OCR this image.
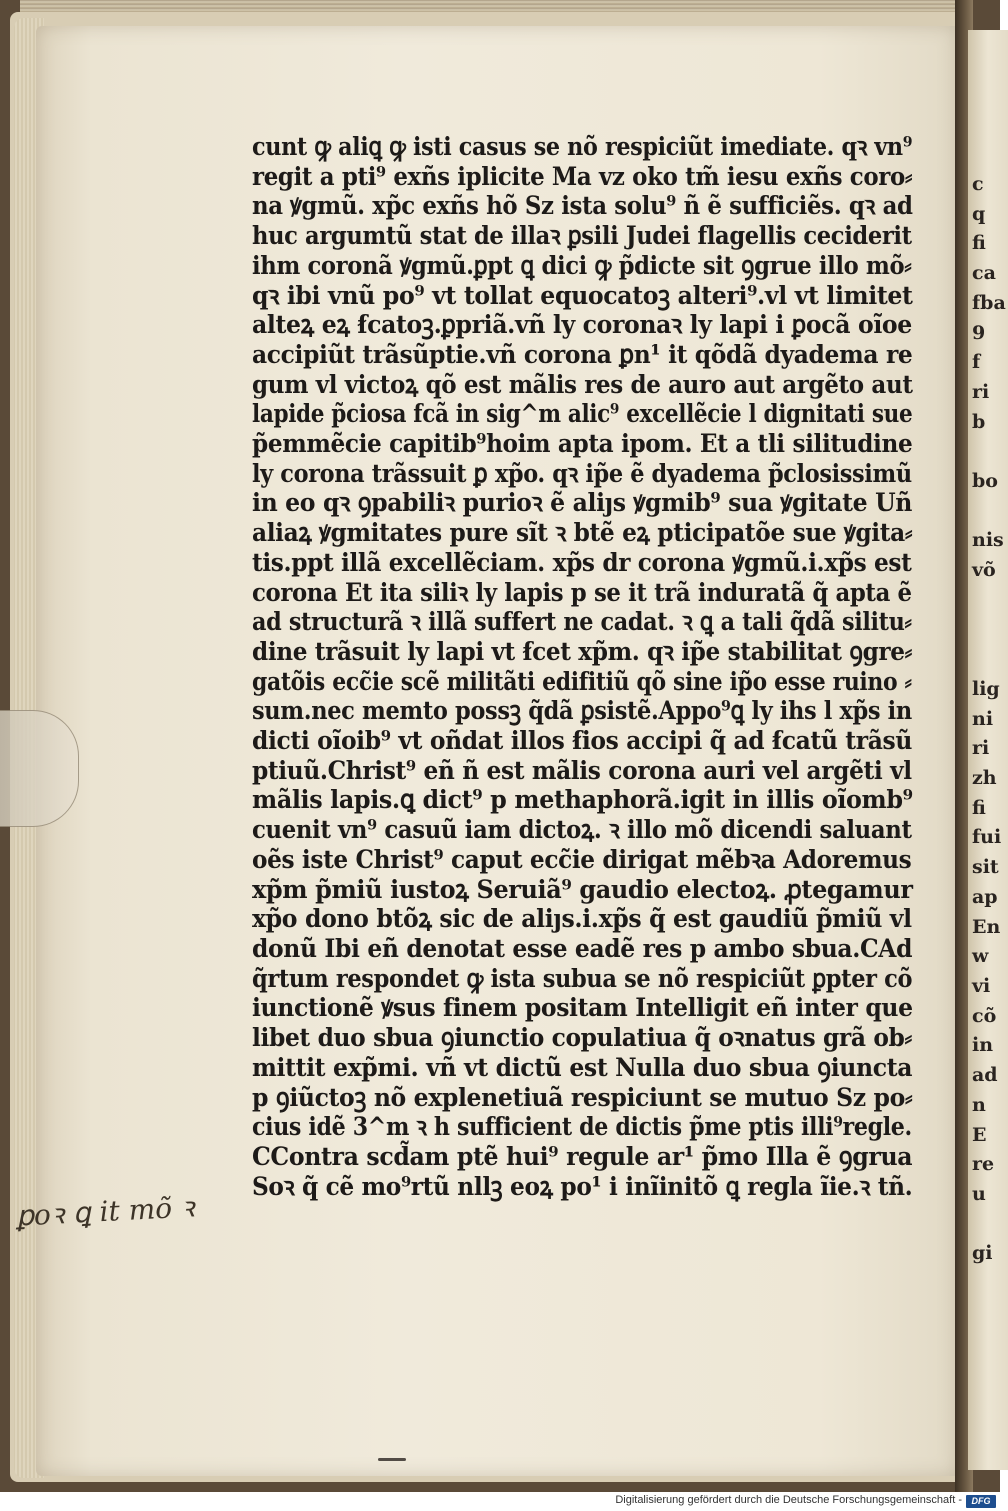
c
q
fi
ca
fba
9
f
ri
b

bo

nis
võ

lig
ni
ri
zh
fi
fui
sit
ap
En
w
vi
cõ
in
ad
n
E
re
u

gi
cunt ꝙ aliꝗ ꝙ isti casus se nõ respiciũt imediate. qꝛ vn⁹
regit a pti⁹ exñs iplicite Ma vz oko tm̃ iesu exñs coro⸗
na ꝟgmũ. xp̃c exñs hõ Sz ista solu⁹ ñ ẽ sufficiẽs. qꝛ ad
huc argumtũ stat de illaꝛ ꝑsili Judei flagellis ceciderit
ihm coronã ꝟgmũ.ꝑpt ꝗ dici ꝙ p̃dicte sit ꝯgrue illo mõ⸗
qꝛ ibi vnũ po⁹ vt tollat equocatoꝫ alteri⁹.vl vt limitet
alteꝝ eꝝ ẜcatoꝫ.ꝑpriã.vñ ly coronaꝛ ly lapi i ꝑocã oĩoe
accipiũt trãsũptie.vñ corona ꝑn¹ it qõdã dyadema re
gum vl victoꝝ qõ est mãlis res de auro aut argẽto aut
lapide p̃ciosa fcã in sig^m alic⁹ excellẽcie l dignitati sue
p̃emmẽcie capitib⁹hoim apta ipom. Et a tli silitudine
ly corona trãssuit ꝑ xp̃o. qꝛ ip̃e ẽ dyadema p̃closissimũ
in eo qꝛ ꝯpabiliꝛ purioꝛ ẽ aliȷs ꝟgmib⁹ sua ꝟgitate Uñ
aliaꝝ ꝟgmitates pure sĩt ꝛ btẽ eꝝ pticipatõe sue ꝟgita⸗
tis.ppt illã excellẽciam. xp̃s dr corona ꝟgmũ.i.xp̃s est
corona Et ita siliꝛ ly lapis p se it trã induratã q̃ apta ẽ
ad structurã ꝛ illã suffert ne cadat. ꝛ ꝗ a tali q̃dã silitu⸗
dine trãsuit ly lapi vt ẜcet xp̃m. qꝛ ip̃e stabilitat ꝯgre⸗
gatõis ecc̃ie scẽ militãti edifitiũ qõ sine ip̃o esse ruino ⸗
sum.nec memto possꝫ q̃dã ꝑsistẽ.Appo⁹ꝗ ly ihs l xp̃s in
dicti oĩoib⁹ vt oñdat illos ẜios accipi q̃ ad ẜcatũ trãsũ
ptiuũ.Christ⁹ eñ ñ est mãlis corona auri vel argẽti vl
mãlis lapis.ꝗ dict⁹ p methaphorã.igit in illis oĩomb⁹
cuenit vn⁹ casuũ iam dictoꝝ. ꝛ illo mõ dicendi saluant
oẽs iste Christ⁹ caput ecc̃ie dirigat mẽbꝛa Adoremus
xp̃m p̃miũ iustoꝝ Seruiã⁹ gaudio electoꝝ. ꝓtegamur
xp̃o dono btõꝝ sic de aliȷs.i.xp̃s q̃ est gaudiũ p̃miũ vl
donũ Ibi eñ denotat esse eadẽ res p ambo sbua.CAd
q̃rtum respondet ꝙ ista subua se nõ respiciũt ꝑpter cõ
iunctionẽ ꝟsus finem positam Intelligit eñ inter que
libet duo sbua ꝯiunctio copulatiua q̃ oꝛnatus grã ob⸗
mittit exp̃mi. vñ vt dictũ est Nulla duo sbua ꝯiuncta
p ꝯiũctoꝫ nõ explenetiuã respiciunt se mutuo Sz po⸗
cius idẽ 3^m ꝛ h sufficient de dictis p̃me ptis illi⁹regle.
CContra scd̃am ptẽ hui⁹ regule ar¹ p̃mo Illa ẽ ꝯgrua
Soꝛ q̃ cẽ mo⁹rtũ nllꝫ eoꝝ po¹ i inĩinitõ ꝗ regla ĩie.ꝛ tñ.
ꝑoꝛ ꝗ it mõ ꝛ
Digitalisierung gefördert durch die Deutsche Forschungsgemeinschaft -	DFG
